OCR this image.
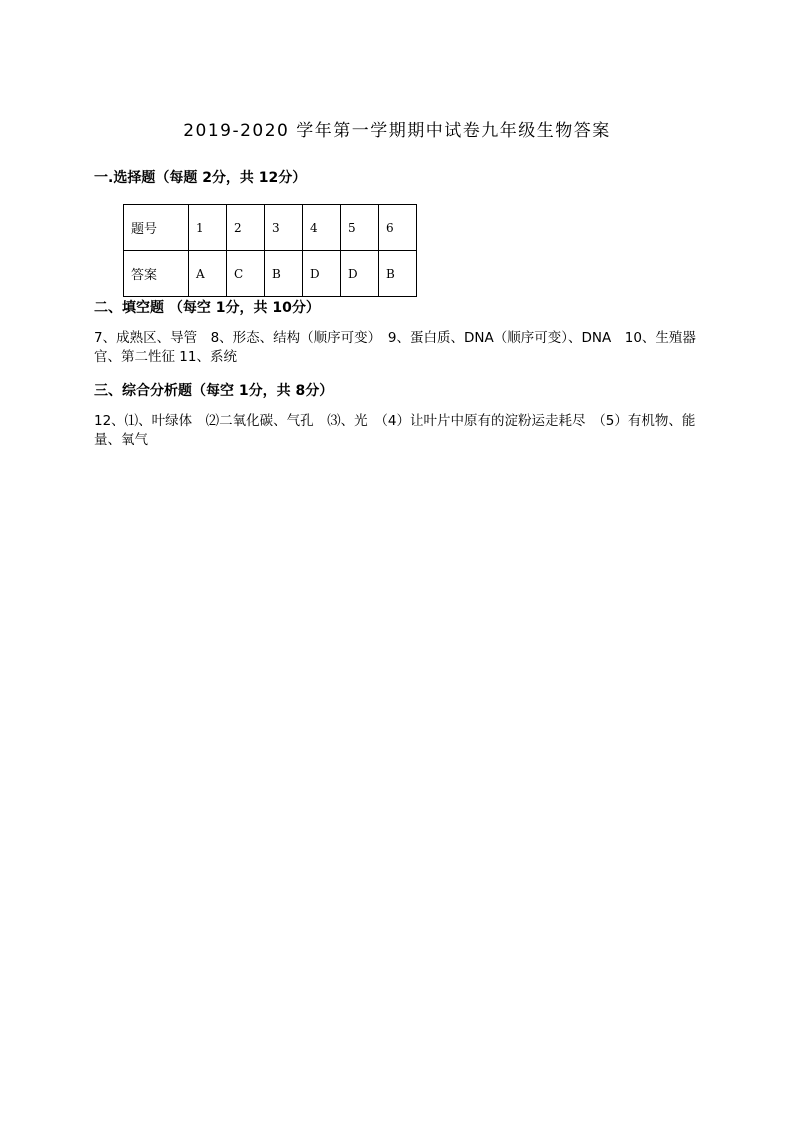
2019-2020 学年第一学期期中试卷九年级生物答案
一.选择题（每题 2分，共 12分）
题号	1	2	3	4	5	6
答案	A	C	B	D	D	B
二、填空题 （每空 1分，共 10分）
7、成熟区、导管　8、形态、结构（顺序可变）　9、蛋白质、DNA（顺序可变）、DNA　10、生殖器官、第二性征 11、系统
三、综合分析题（每空 1分，共 8分）
12、⑴、叶绿体　⑵二氧化碳、气孔　⑶、光　（4）让叶片中原有的淀粉运走耗尽　（5）有机物、能量、氧气
